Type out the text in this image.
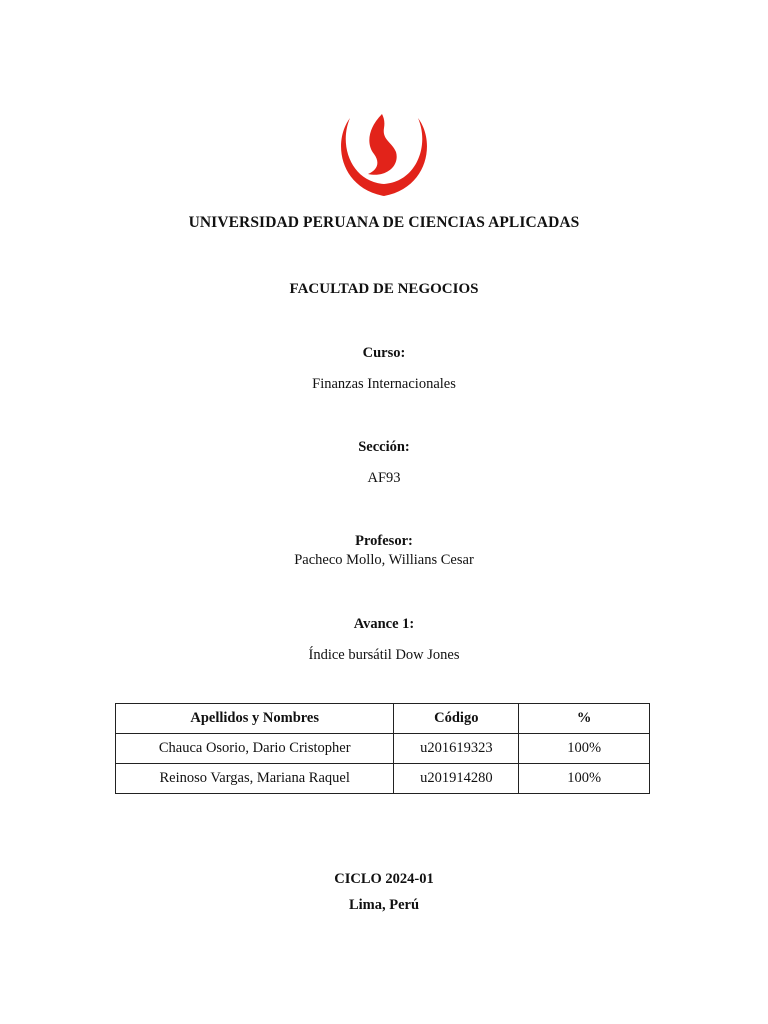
UNIVERSIDAD PERUANA DE CIENCIAS APLICADAS
FACULTAD DE NEGOCIOS
Curso:
Finanzas Internacionales
Sección:
AF93
Profesor:
Pacheco Mollo, Willians Cesar
Avance 1:
Índice bursátil Dow Jones
Apellidos y Nombres	Código	%
Chauca Osorio, Dario Cristopher	u201619323	100%
Reinoso Vargas, Mariana Raquel	u201914280	100%
CICLO 2024-01
Lima, Perú
